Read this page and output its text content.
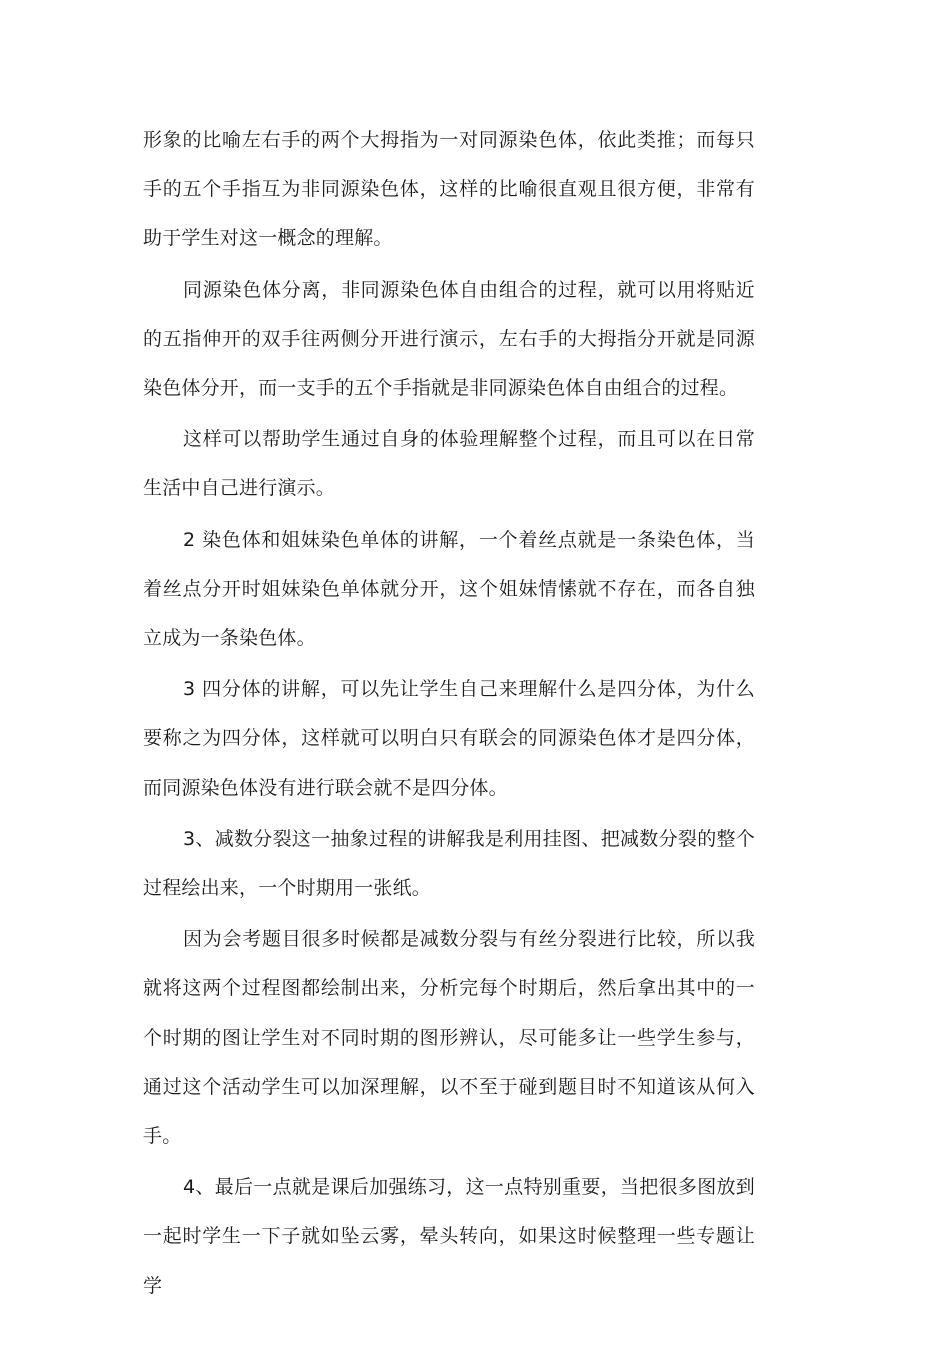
形象的比喻左右手的两个大拇指为一对同源染色体，依此类推；而每只手的五个手指互为非同源染色体，这样的比喻很直观且很方便，非常有助于学生对这一概念的理解。

同源染色体分离，非同源染色体自由组合的过程，就可以用将贴近的五指伸开的双手往两侧分开进行演示，左右手的大拇指分开就是同源染色体分开，而一支手的五个手指就是非同源染色体自由组合的过程。

这样可以帮助学生通过自身的体验理解整个过程，而且可以在日常生活中自己进行演示。

2 染色体和姐妹染色单体的讲解，一个着丝点就是一条染色体，当着丝点分开时姐妹染色单体就分开，这个姐妹情愫就不存在，而各自独立成为一条染色体。

3 四分体的讲解，可以先让学生自己来理解什么是四分体，为什么要称之为四分体，这样就可以明白只有联会的同源染色体才是四分体，而同源染色体没有进行联会就不是四分体。

3、减数分裂这一抽象过程的讲解我是利用挂图、把减数分裂的整个过程绘出来，一个时期用一张纸。

因为会考题目很多时候都是减数分裂与有丝分裂进行比较，所以我就将这两个过程图都绘制出来，分析完每个时期后，然后拿出其中的一个时期的图让学生对不同时期的图形辨认，尽可能多让一些学生参与，通过这个活动学生可以加深理解，以不至于碰到题目时不知道该从何入手。

4、最后一点就是课后加强练习，这一点特别重要，当把很多图放到一起时学生一下子就如坠云雾，晕头转向，如果这时候整理一些专题让学
